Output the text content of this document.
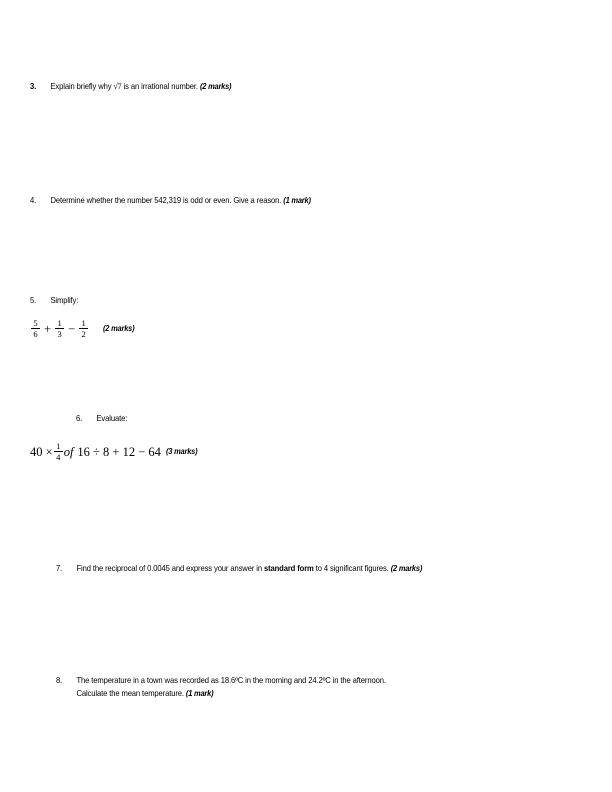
3.	Explain briefly why √7 is an irrational number. (2 marks)
4.	Determine whether the number 542,319 is odd or even. Give a reason. (1 mark)
5.	Simplify:
$\frac{5}{6} + \frac{1}{3} - \frac{1}{2} (2$ marks)
6.	Evaluate:
$40 \times \frac{1}{4}$ of 16 ÷ 8 + 12 − 64 (3 marks)
7.	Find the reciprocal of 0.0045 and express your answer in standard form to 4 significant figures. (2 marks)
8.	The temperature in a town was recorded as 18.6ºC in the morning and 24.2ºC in the afternoon.
Calculate the mean temperature. (1 mark)
